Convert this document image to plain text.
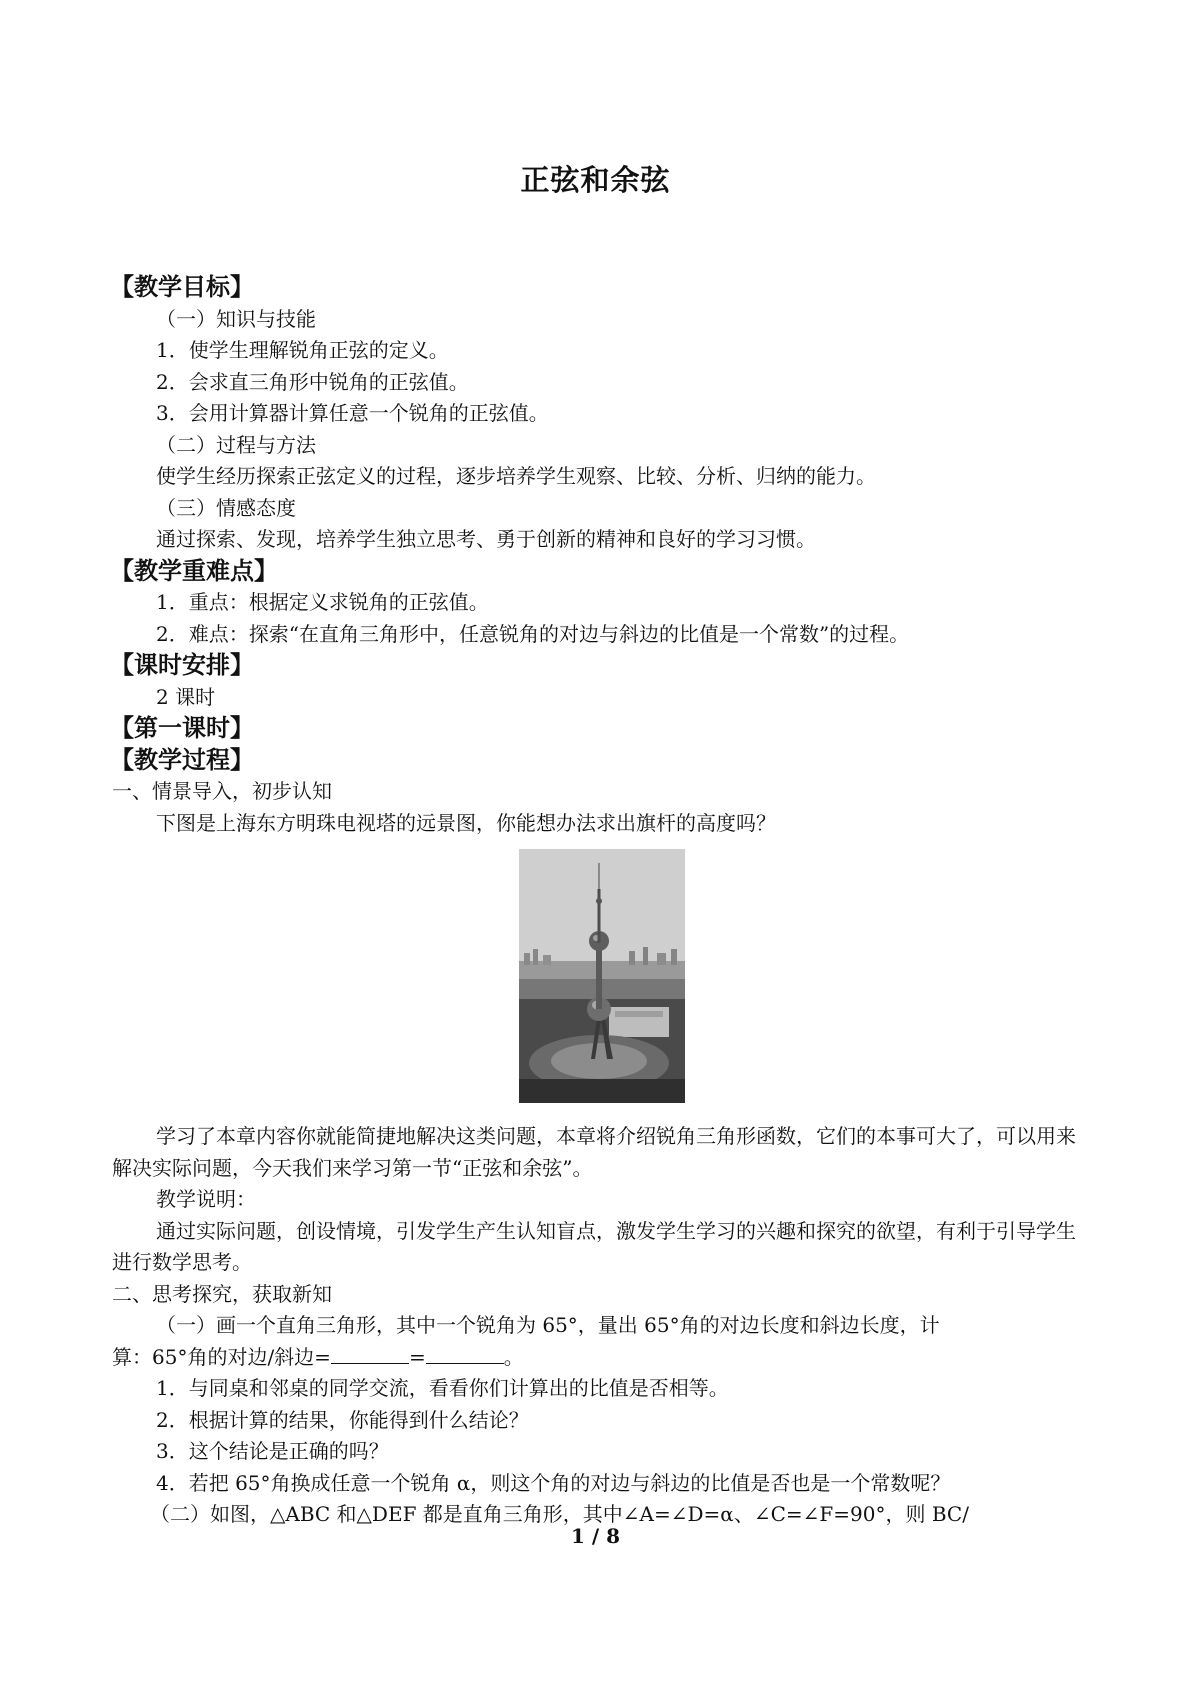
正弦和余弦
【教学目标】
（一）知识与技能
1．使学生理解锐角正弦的定义。
2．会求直三角形中锐角的正弦值。
3．会用计算器计算任意一个锐角的正弦值。
（二）过程与方法
使学生经历探索正弦定义的过程，逐步培养学生观察、比较、分析、归纳的能力。
（三）情感态度
通过探索、发现，培养学生独立思考、勇于创新的精神和良好的学习习惯。
【教学重难点】
1．重点：根据定义求锐角的正弦值。
2．难点：探索“在直角三角形中，任意锐角的对边与斜边的比值是一个常数”的过程。
【课时安排】
2 课时
【第一课时】
【教学过程】
一、情景导入，初步认知
下图是上海东方明珠电视塔的远景图，你能想办法求出旗杆的高度吗？
学习了本章内容你就能简捷地解决这类问题，本章将介绍锐角三角形函数，它们的本事可大了，可以用来解决实际问题，今天我们来学习第一节“正弦和余弦”。
教学说明：
通过实际问题，创设情境，引发学生产生认知盲点，激发学生学习的兴趣和探究的欲望，有利于引导学生进行数学思考。
二、思考探究，获取新知
（一）画一个直角三角形，其中一个锐角为 65°，量出 65°角的对边长度和斜边长度，计
算：65°角的对边/斜边=	=	。
1．与同桌和邻桌的同学交流，看看你们计算出的比值是否相等。
2．根据计算的结果，你能得到什么结论？
3．这个结论是正确的吗？
4．若把 65°角换成任意一个锐角 α，则这个角的对边与斜边的比值是否也是一个常数呢？
（二）如图，△ABC 和△DEF 都是直角三角形，其中∠A=∠D=α、∠C=∠F=90°，则 BC/
1 / 8
